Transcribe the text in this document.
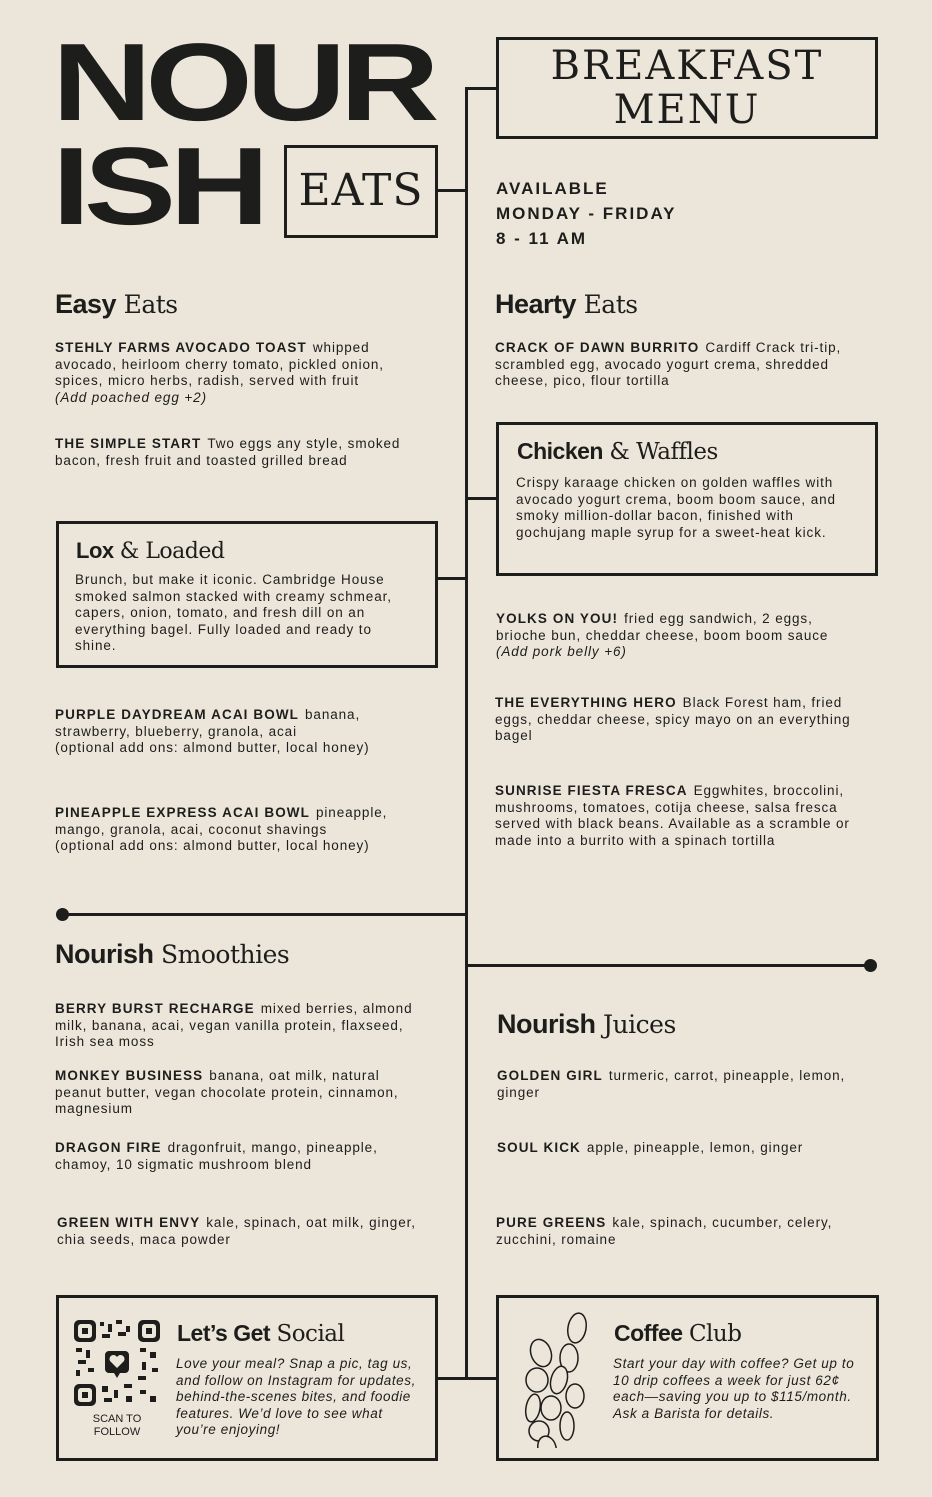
NOUR
ISH EATS
BREAKFAST
MENU
AVAILABLE
MONDAY - FRIDAY
8 - 11 AM
Easy Eats
STEHLY FARMS AVOCADO TOAST whipped avocado, heirloom cherry tomato, pickled onion, spices, micro herbs, radish, served with fruit
(Add poached egg +2)
THE SIMPLE START Two eggs any style, smoked bacon, fresh fruit and toasted grilled bread
Lox & Loaded
Brunch, but make it iconic. Cambridge House smoked salmon stacked with creamy schmear, capers, onion, tomato, and fresh dill on an everything bagel. Fully loaded and ready to shine.
PURPLE DAYDREAM ACAI BOWL banana, strawberry, blueberry, granola, acai
(optional add ons: almond butter, local honey)
PINEAPPLE EXPRESS ACAI BOWL pineapple, mango, granola, acai, coconut shavings
(optional add ons: almond butter, local honey)
Hearty Eats
CRACK OF DAWN BURRITO Cardiff Crack tri-tip, scrambled egg, avocado yogurt crema, shredded cheese, pico, flour tortilla
Chicken & Waffles
Crispy karaage chicken on golden waffles with avocado yogurt crema, boom boom sauce, and smoky million-dollar bacon, finished with gochujang maple syrup for a sweet-heat kick.
YOLKS ON YOU! fried egg sandwich, 2 eggs, brioche bun, cheddar cheese, boom boom sauce
(Add pork belly +6)
THE EVERYTHING HERO Black Forest ham, fried eggs, cheddar cheese, spicy mayo on an everything bagel
SUNRISE FIESTA FRESCA Eggwhites, broccolini, mushrooms, tomatoes, cotija cheese, salsa fresca served with black beans. Available as a scramble or made into a burrito with a spinach tortilla
Nourish Smoothies
BERRY BURST RECHARGE mixed berries, almond milk, banana, acai, vegan vanilla protein, flaxseed, Irish sea moss
MONKEY BUSINESS banana, oat milk, natural peanut butter, vegan chocolate protein, cinnamon, magnesium
DRAGON FIRE dragonfruit, mango, pineapple, chamoy, 10 sigmatic mushroom blend
GREEN WITH ENVY kale, spinach, oat milk, ginger, chia seeds, maca powder
Nourish Juices
GOLDEN GIRL turmeric, carrot, pineapple, lemon, ginger
SOUL KICK apple, pineapple, lemon, ginger
PURE GREENS kale, spinach, cucumber, celery, zucchini, romaine
SCAN TO
FOLLOW
Let’s Get Social
Love your meal? Snap a pic, tag us, and follow on Instagram for updates, behind-the-scenes bites, and foodie features. We’d love to see what you’re enjoying!
Coffee Club
Start your day with coffee? Get up to 10 drip coffees a week for just 62¢ each—saving you up to $115/month. Ask a Barista for details.
